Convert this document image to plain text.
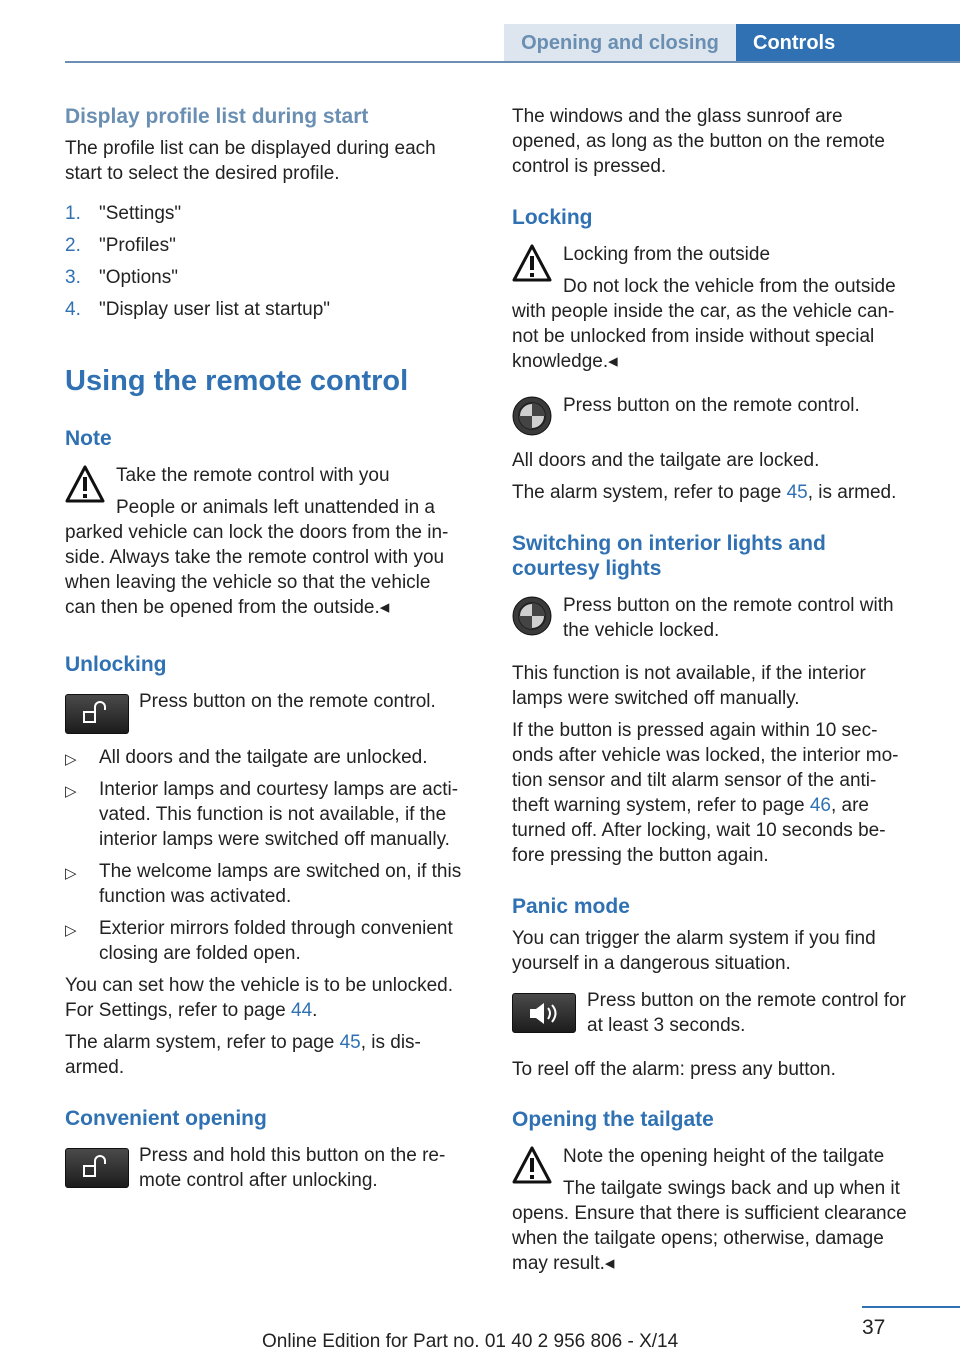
Opening and closing	Controls
Display profile list during start
The profile list can be displayed during each
start to select the desired profile.
1. "Settings"
2. "Profiles"
3. "Options"
4. "Display user list at startup"
Using the remote control
Note
Take the remote control with you
People or animals left unattended in a
parked vehicle can lock the doors from the in-
side. Always take the remote control with you
when leaving the vehicle so that the vehicle
can then be opened from the outside.◂
Unlocking
Press button on the remote control.
▷ All doors and the tailgate are unlocked.
▷ Interior lamps and courtesy lamps are acti-
vated. This function is not available, if the
interior lamps were switched off manually.
▷ The welcome lamps are switched on, if this
function was activated.
▷ Exterior mirrors folded through convenient
closing are folded open.
You can set how the vehicle is to be unlocked.
For Settings, refer to page 44.
The alarm system, refer to page 45, is dis-
armed.
Convenient opening
Press and hold this button on the re-
mote control after unlocking.
The windows and the glass sunroof are
opened, as long as the button on the remote
control is pressed.
Locking
Locking from the outside
Do not lock the vehicle from the outside
with people inside the car, as the vehicle can-
not be unlocked from inside without special
knowledge.◂
Press button on the remote control.
All doors and the tailgate are locked.
The alarm system, refer to page 45, is armed.
Switching on interior lights and
courtesy lights
Press button on the remote control with
the vehicle locked.
This function is not available, if the interior
lamps were switched off manually.
If the button is pressed again within 10 sec-
onds after vehicle was locked, the interior mo-
tion sensor and tilt alarm sensor of the anti-
theft warning system, refer to page 46, are
turned off. After locking, wait 10 seconds be-
fore pressing the button again.
Panic mode
You can trigger the alarm system if you find
yourself in a dangerous situation.
Press button on the remote control for
at least 3 seconds.
To reel off the alarm: press any button.
Opening the tailgate
Note the opening height of the tailgate
The tailgate swings back and up when it
opens. Ensure that there is sufficient clearance
when the tailgate opens; otherwise, damage
may result.◂
37
Online Edition for Part no. 01 40 2 956 806 - X/14
